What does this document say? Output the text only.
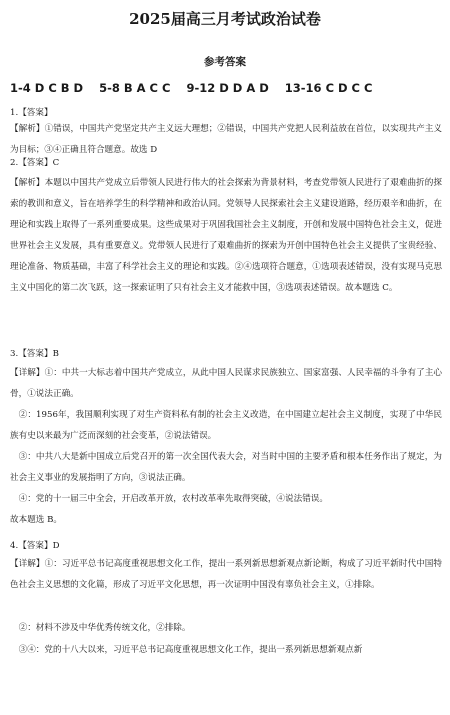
2025届高三月考试政治试卷
参考答案
1-4 D C B D 5-8 B A C C 9-12 D D A D 13-16 C D C C
1.【答案】
【解析】①错误，中国共产党坚定共产主义远大理想；②错误，中国共产党把人民利益放在首位，以实现共产主义为目标；③④正确且符合题意。故选 D
2.【答案】C
【解析】本题以中国共产党成立后带领人民进行伟大的社会探索为背景材料，考查党带领人民进行了艰难曲折的探索的教训和意义，旨在培养学生的科学精神和政治认同。党领导人民探索社会主义建设道路，经历艰辛和曲折，在理论和实践上取得了一系列重要成果。这些成果对于巩固我国社会主义制度，开创和发展中国特色社会主义，促进世界社会主义发展，具有重要意义。党带领人民进行了艰难曲折的探索为开创中国特色社会主义提供了宝贵经验、理论准备、物质基础，丰富了科学社会主义的理论和实践。②④选项符合题意，①选项表述错误，没有实现马克思主义中国化的第二次飞跃，这一探索证明了只有社会主义才能救中国，③选项表述错误。故本题选 C。
3.【答案】B
【详解】①：中共一大标志着中国共产党成立，从此中国人民谋求民族独立、国家富强、人民幸福的斗争有了主心骨，①说法正确。
②：1956年，我国顺利实现了对生产资料私有制的社会主义改造，在中国建立起社会主义制度，实现了中华民族有史以来最为广泛而深刻的社会变革，②说法错误。
③：中共八大是新中国成立后党召开的第一次全国代表大会，对当时中国的主要矛盾和根本任务作出了规定，为社会主义事业的发展指明了方向，③说法正确。
④：党的十一届三中全会，开启改革开放，农村改革率先取得突破，④说法错误。
故本题选 B。
4.【答案】D
【详解】①：习近平总书记高度重视思想文化工作，提出一系列新思想新观点新论断，构成了习近平新时代中国特色社会主义思想的文化篇，形成了习近平文化思想，再一次证明中国没有辜负社会主义，①排除。
②：材料不涉及中华优秀传统文化，②排除。
③④：党的十八大以来，习近平总书记高度重视思想文化工作，提出一系列新思想新观点新
